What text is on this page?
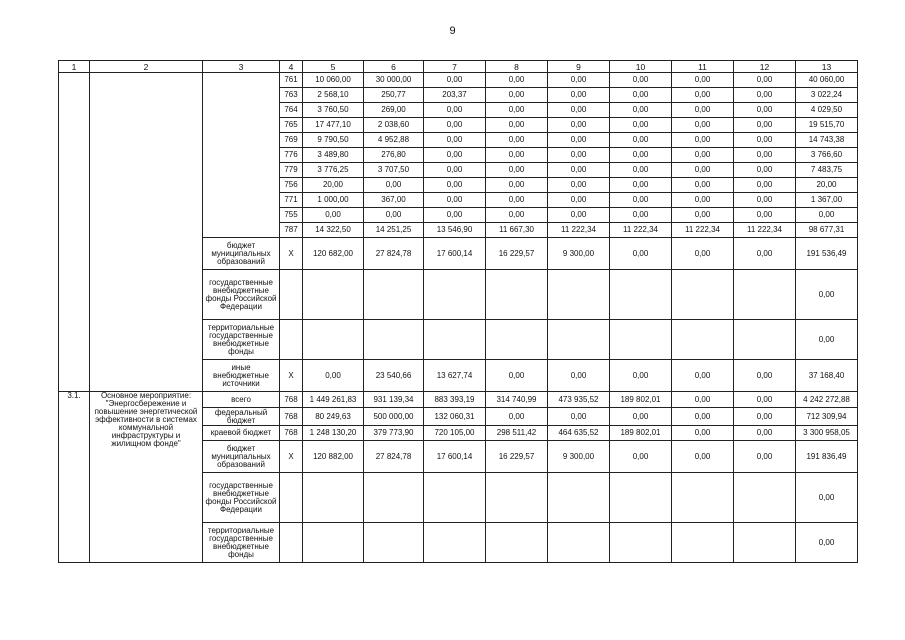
9
1	2	3	4	5	6	7	8	9	10	11	12	13
			761	10 060,00	30 000,00	0,00	0,00	0,00	0,00	0,00	0,00	40 060,00
			763	2 568,10	250,77	203,37	0,00	0,00	0,00	0,00	0,00	3 022,24
			764	3 760,50	269,00	0,00	0,00	0,00	0,00	0,00	0,00	4 029,50
			765	17 477,10	2 038,60	0,00	0,00	0,00	0,00	0,00	0,00	19 515,70
			769	9 790,50	4 952,88	0,00	0,00	0,00	0,00	0,00	0,00	14 743,38
			776	3 489,80	276,80	0,00	0,00	0,00	0,00	0,00	0,00	3 766,60
			779	3 776,25	3 707,50	0,00	0,00	0,00	0,00	0,00	0,00	7 483,75
			756	20,00	0,00	0,00	0,00	0,00	0,00	0,00	0,00	20,00
			771	1 000,00	367,00	0,00	0,00	0,00	0,00	0,00	0,00	1 367,00
			755	0,00	0,00	0,00	0,00	0,00	0,00	0,00	0,00	0,00
			787	14 322,50	14 251,25	13 546,90	11 667,30	11 222,34	11 222,34	11 222,34	11 222,34	98 677,31
		бюджет муниципальных образований	X	120 682,00	27 824,78	17 600,14	16 229,57	9 300,00	0,00	0,00	0,00	191 536,49
		государственные внебюджетные фонды Российской Федерации										0,00
		территориальные государственные внебюджетные фонды										0,00
		иные внебюджетные источники	X	0,00	23 540,66	13 627,74	0,00	0,00	0,00	0,00	0,00	37 168,40
3.1.	Основное мероприятие: "Энергосбережение и повышение энергетической эффективности в системах коммунальной инфраструктуры и жилищном фонде"	всего	768	1 449 261,83	931 139,34	883 393,19	314 740,99	473 935,52	189 802,01	0,00	0,00	4 242 272,88
		федеральный бюджет	768	80 249,63	500 000,00	132 060,31	0,00	0,00	0,00	0,00	0,00	712 309,94
		краевой бюджет	768	1 248 130,20	379 773,90	720 105,00	298 511,42	464 635,52	189 802,01	0,00	0,00	3 300 958,05
		бюджет муниципальных образований	X	120 882,00	27 824,78	17 600,14	16 229,57	9 300,00	0,00	0,00	0,00	191 836,49
		государственные внебюджетные фонды Российской Федерации										0,00
		территориальные государственные внебюджетные фонды										0,00
